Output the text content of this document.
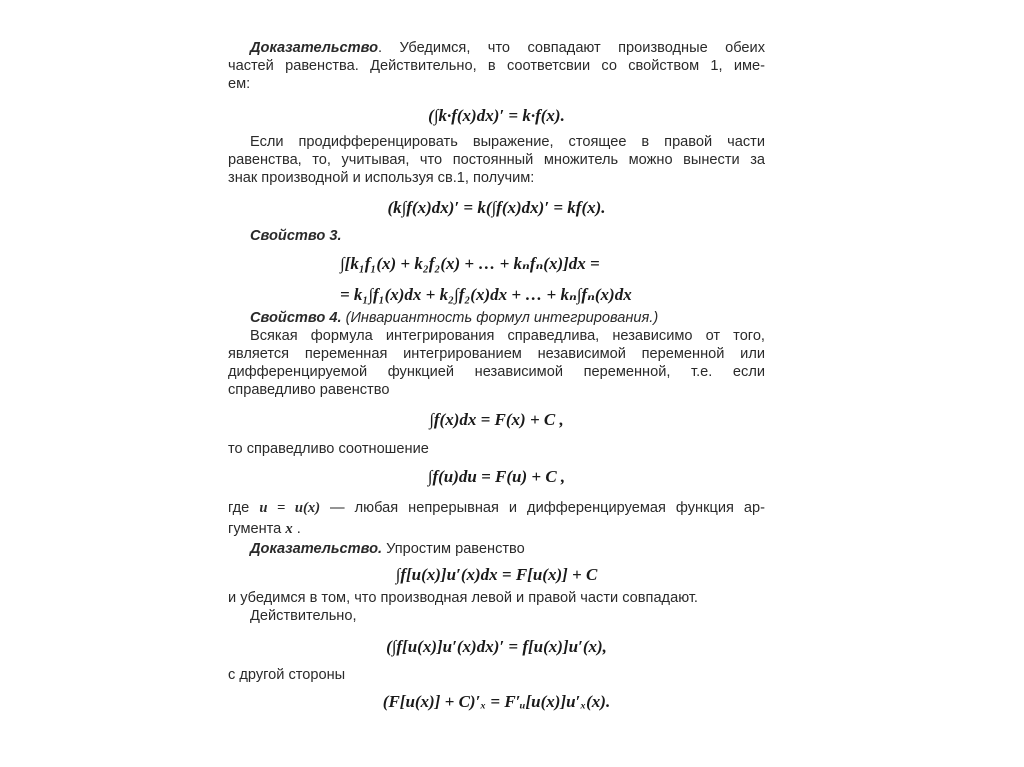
Доказательство. Убедимся, что совпадают производные обеих
частей равенства. Действительно, в соответсвии со свойством 1, име-
ем:
(∫k·f(x)dx)′ = k·f(x).
Если продифференцировать выражение, стоящее в правой части
равенства, то, учитывая, что постоянный множитель можно вынести за
знак производной и используя св.1, получим:
(k∫f(x)dx)′ = k(∫f(x)dx)′ = kf(x).
Свойство 3.
∫[k₁f₁(x) + k₂f₂(x) + … + kₙfₙ(x)]dx =
= k₁∫f₁(x)dx + k₂∫f₂(x)dx + … + kₙ∫fₙ(x)dx
Свойство 4. (Инвариантность формул интегрирования.)
Всякая формула интегрирования справедлива, независимо от того,
является переменная интегрированием независимой переменной или
дифференцируемой функцией независимой переменной, т.е. если
справедливо равенство
∫f(x)dx = F(x) + C ,
то справедливо соотношение
∫f(u)du = F(u) + C ,
где u = u(x) — любая непрерывная и дифференцируемая функция ар-
гумента x .
Доказательство. Упростим равенство
∫f[u(x)]u′(x)dx = F[u(x)] + C
и убедимся в том, что производная левой и правой части совпадают.
Действительно,
(∫f[u(x)]u′(x)dx)′ = f[u(x)]u′(x),
с другой стороны
(F[u(x)] + C)′ₓ = F′ᵤ[u(x)]u′ₓ(x).
